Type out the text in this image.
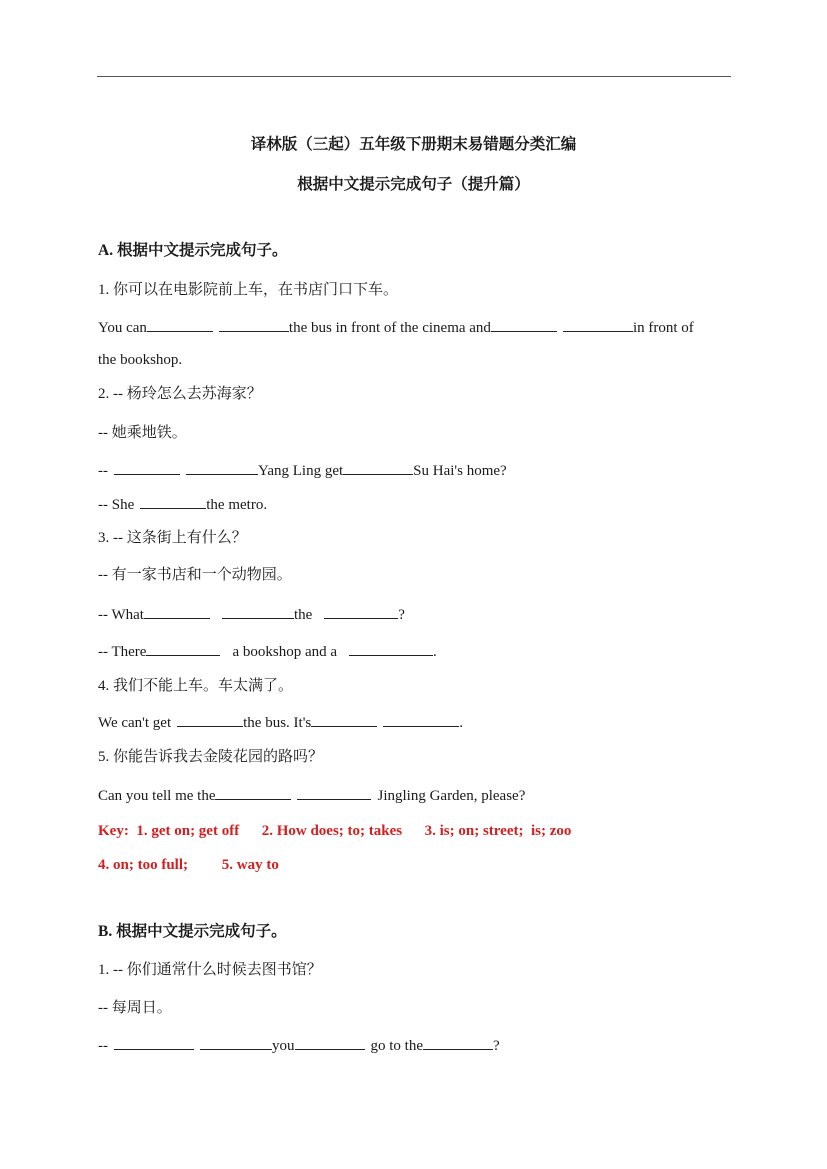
译林版（三起）五年级下册期末易错题分类汇编
根据中文提示完成句子（提升篇）
A. 根据中文提示完成句子。
1. 你可以在电影院前上车，在书店门口下车。
You can	the bus in front of the cinema and	in front of
the bookshop.
2. -- 杨玲怎么去苏海家？
-- 她乘地铁。
--	Yang Ling get	Su Hai's home?
-- She	the metro.
3. -- 这条街上有什么？
-- 有一家书店和一个动物园。
-- What	the	?
-- There	a bookshop and a	.
4. 我们不能上车。车太满了。
We can't get	the bus. It's	.
5. 你能告诉我去金陵花园的路吗？
Can you tell me the	Jingling Garden, please?
Key:  1. get on; get off      2. How does; to; takes      3. is; on; street;  is; zoo
4. on; too full;         5. way to
B. 根据中文提示完成句子。
1. -- 你们通常什么时候去图书馆？
-- 每周日。
--	you	go to the	?
